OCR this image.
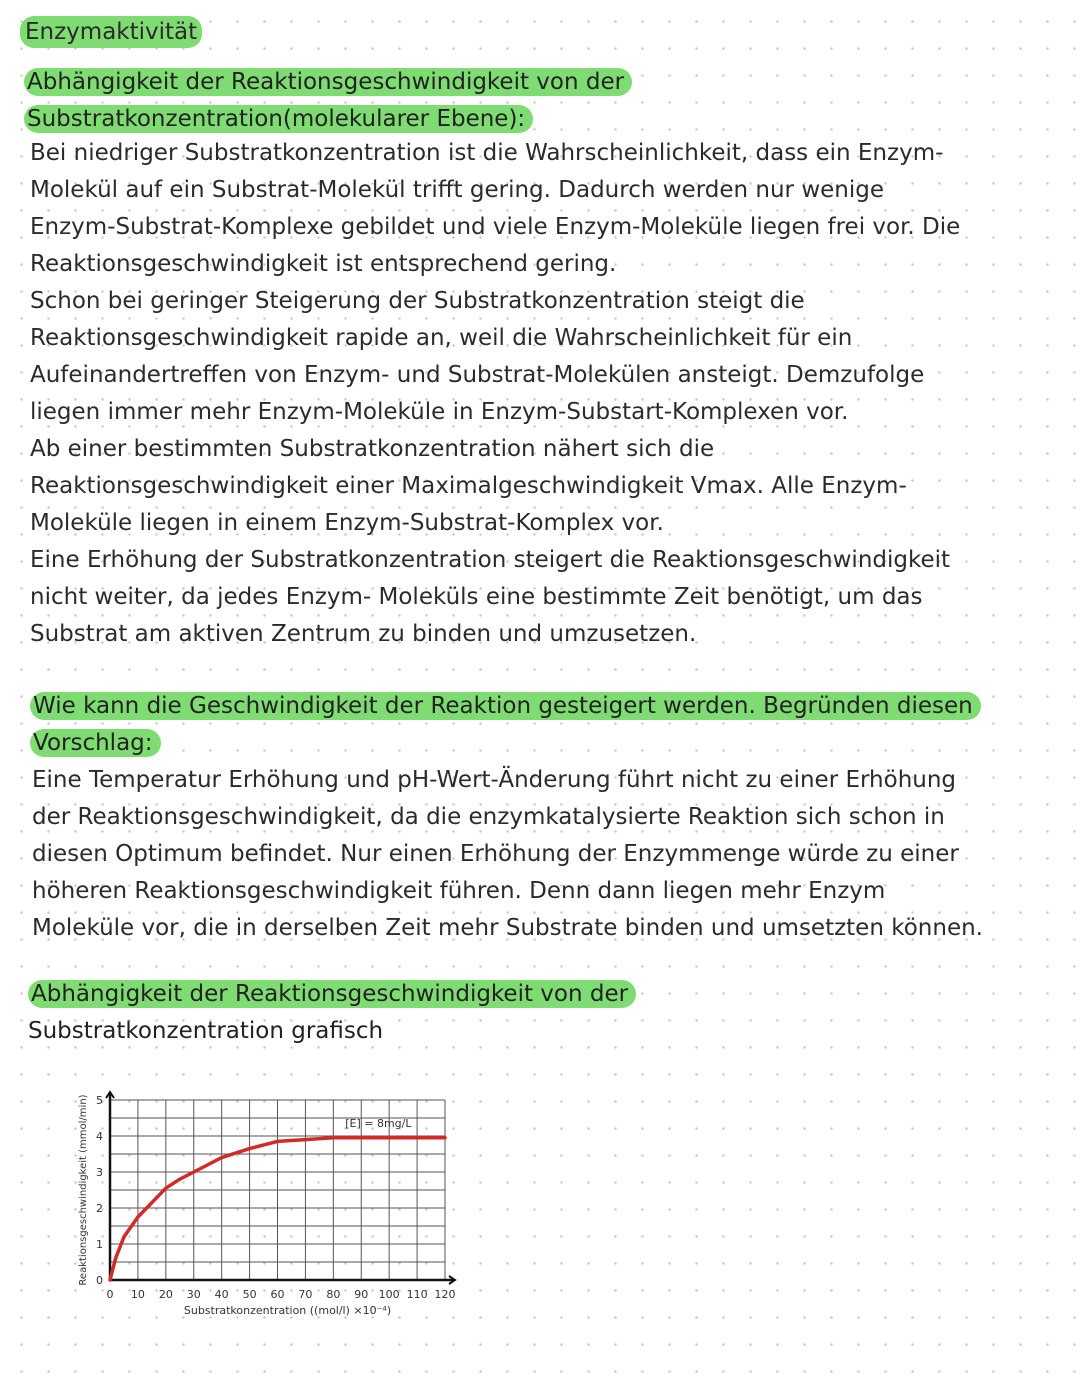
Enzymaktivität
Abhängigkeit der Reaktionsgeschwindigkeit von der
Substratkonzentration(molekularer Ebene):
Bei niedriger Substratkonzentration ist die Wahrscheinlichkeit, dass ein Enzym-
Molekül auf ein Substrat-Molekül trifft gering. Dadurch werden nur wenige
Enzym-Substrat-Komplexe gebildet und viele Enzym-Moleküle liegen frei vor. Die
Reaktionsgeschwindigkeit ist entsprechend gering.
Schon bei geringer Steigerung der Substratkonzentration steigt die
Reaktionsgeschwindigkeit rapide an, weil die Wahrscheinlichkeit für ein
Aufeinandertreffen von Enzym- und Substrat-Molekülen ansteigt. Demzufolge
liegen immer mehr Enzym-Moleküle in Enzym-Substart-Komplexen vor.
Ab einer bestimmten Substratkonzentration nähert sich die
Reaktionsgeschwindigkeit einer Maximalgeschwindigkeit Vmax. Alle Enzym-
Moleküle liegen in einem Enzym-Substrat-Komplex vor.
Eine Erhöhung der Substratkonzentration steigert die Reaktionsgeschwindigkeit
nicht weiter, da jedes Enzym- Moleküls eine bestimmte Zeit benötigt, um das
Substrat am aktiven Zentrum zu binden und umzusetzen.
Wie kann die Geschwindigkeit der Reaktion gesteigert werden. Begründen diesen
Vorschlag:
Eine Temperatur Erhöhung und pH-Wert-Änderung führt nicht zu einer Erhöhung
der Reaktionsgeschwindigkeit, da die enzymkatalysierte Reaktion sich schon in
diesen Optimum befindet. Nur einen Erhöhung der Enzymmenge würde zu einer
höheren Reaktionsgeschwindigkeit führen. Denn dann liegen mehr Enzym
Moleküle vor, die in derselben Zeit mehr Substrate binden und umsetzten können.
Abhängigkeit der Reaktionsgeschwindigkeit von der
Substratkonzentration grafisch
0 10 20 30 40 50 60 70 80 90 100 110 120
0
1
2
3
4
5
Substratkonzentration ((mol/l) ×10⁻⁴)
Reaktionsgeschwindigkeit (mmol/min)	[E] = 8mg/L
